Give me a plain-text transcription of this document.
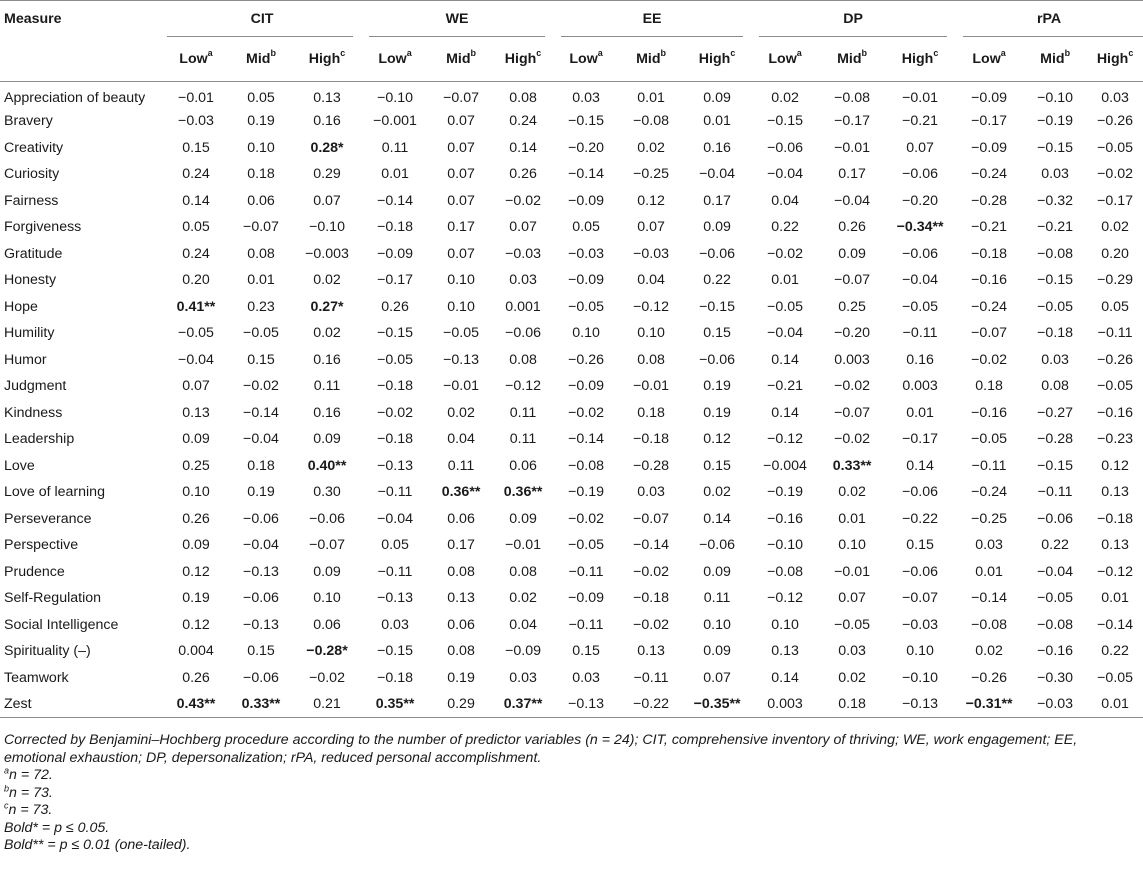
Measure	CIT			WE			EE			DP			rPA		

	Low$^a$	Mid$^b$	High$^c$	Low$^a$	Mid$^b$	High$^c$	Low$^a$	Mid$^b$	High$^c$	Low$^a$	Mid$^b$	High$^c$	Low$^a$	Mid$^b$	High$^c$
Appreciation of beauty	−0.01	0.05	0.13	−0.10	−0.07	0.08	0.03	0.01	0.09	0.02	−0.08	−0.01	−0.09	−0.10	0.03
Bravery	−0.03	0.19	0.16	−0.001	0.07	0.24	−0.15	−0.08	0.01	−0.15	−0.17	−0.21	−0.17	−0.19	−0.26
Creativity	0.15	0.10	0.28*	0.11	0.07	0.14	−0.20	0.02	0.16	−0.06	−0.01	0.07	−0.09	−0.15	−0.05
Curiosity	0.24	0.18	0.29	0.01	0.07	0.26	−0.14	−0.25	−0.04	−0.04	0.17	−0.06	−0.24	0.03	−0.02
Fairness	0.14	0.06	0.07	−0.14	0.07	−0.02	−0.09	0.12	0.17	0.04	−0.04	−0.20	−0.28	−0.32	−0.17
Forgiveness	0.05	−0.07	−0.10	−0.18	0.17	0.07	0.05	0.07	0.09	0.22	0.26	−0.34**	−0.21	−0.21	0.02
Gratitude	0.24	0.08	−0.003	−0.09	0.07	−0.03	−0.03	−0.03	−0.06	−0.02	0.09	−0.06	−0.18	−0.08	0.20
Honesty	0.20	0.01	0.02	−0.17	0.10	0.03	−0.09	0.04	0.22	0.01	−0.07	−0.04	−0.16	−0.15	−0.29
Hope	0.41**	0.23	0.27*	0.26	0.10	0.001	−0.05	−0.12	−0.15	−0.05	0.25	−0.05	−0.24	−0.05	0.05
Humility	−0.05	−0.05	0.02	−0.15	−0.05	−0.06	0.10	0.10	0.15	−0.04	−0.20	−0.11	−0.07	−0.18	−0.11
Humor	−0.04	0.15	0.16	−0.05	−0.13	0.08	−0.26	0.08	−0.06	0.14	0.003	0.16	−0.02	0.03	−0.26
Judgment	0.07	−0.02	0.11	−0.18	−0.01	−0.12	−0.09	−0.01	0.19	−0.21	−0.02	0.003	0.18	0.08	−0.05
Kindness	0.13	−0.14	0.16	−0.02	0.02	0.11	−0.02	0.18	0.19	0.14	−0.07	0.01	−0.16	−0.27	−0.16
Leadership	0.09	−0.04	0.09	−0.18	0.04	0.11	−0.14	−0.18	0.12	−0.12	−0.02	−0.17	−0.05	−0.28	−0.23
Love	0.25	0.18	0.40**	−0.13	0.11	0.06	−0.08	−0.28	0.15	−0.004	0.33**	0.14	−0.11	−0.15	0.12
Love of learning	0.10	0.19	0.30	−0.11	0.36**	0.36**	−0.19	0.03	0.02	−0.19	0.02	−0.06	−0.24	−0.11	0.13
Perseverance	0.26	−0.06	−0.06	−0.04	0.06	0.09	−0.02	−0.07	0.14	−0.16	0.01	−0.22	−0.25	−0.06	−0.18
Perspective	0.09	−0.04	−0.07	0.05	0.17	−0.01	−0.05	−0.14	−0.06	−0.10	0.10	0.15	0.03	0.22	0.13
Prudence	0.12	−0.13	0.09	−0.11	0.08	0.08	−0.11	−0.02	0.09	−0.08	−0.01	−0.06	0.01	−0.04	−0.12
Self-Regulation	0.19	−0.06	0.10	−0.13	0.13	0.02	−0.09	−0.18	0.11	−0.12	0.07	−0.07	−0.14	−0.05	0.01
Social Intelligence	0.12	−0.13	0.06	0.03	0.06	0.04	−0.11	−0.02	0.10	0.10	−0.05	−0.03	−0.08	−0.08	−0.14
Spirituality (–)	0.004	0.15	−0.28*	−0.15	0.08	−0.09	0.15	0.13	0.09	0.13	0.03	0.10	0.02	−0.16	0.22
Teamwork	0.26	−0.06	−0.02	−0.18	0.19	0.03	0.03	−0.11	0.07	0.14	0.02	−0.10	−0.26	−0.30	−0.05
Zest	0.43**	0.33**	0.21	0.35**	0.29	0.37**	−0.13	−0.22	−0.35**	0.003	0.18	−0.13	−0.31**	−0.03	0.01
Corrected by Benjamini–Hochberg procedure according to the number of predictor variables (n = 24); CIT, comprehensive inventory of thriving; WE, work engagement; EE, emotional exhaustion; DP, depersonalization; rPA, reduced personal accomplishment.
$^a$n = 72.
$^b$n = 73.
$^c$n = 73.
Bold* = p ≤ 0.05.
Bold** = p ≤ 0.01 (one-tailed).
